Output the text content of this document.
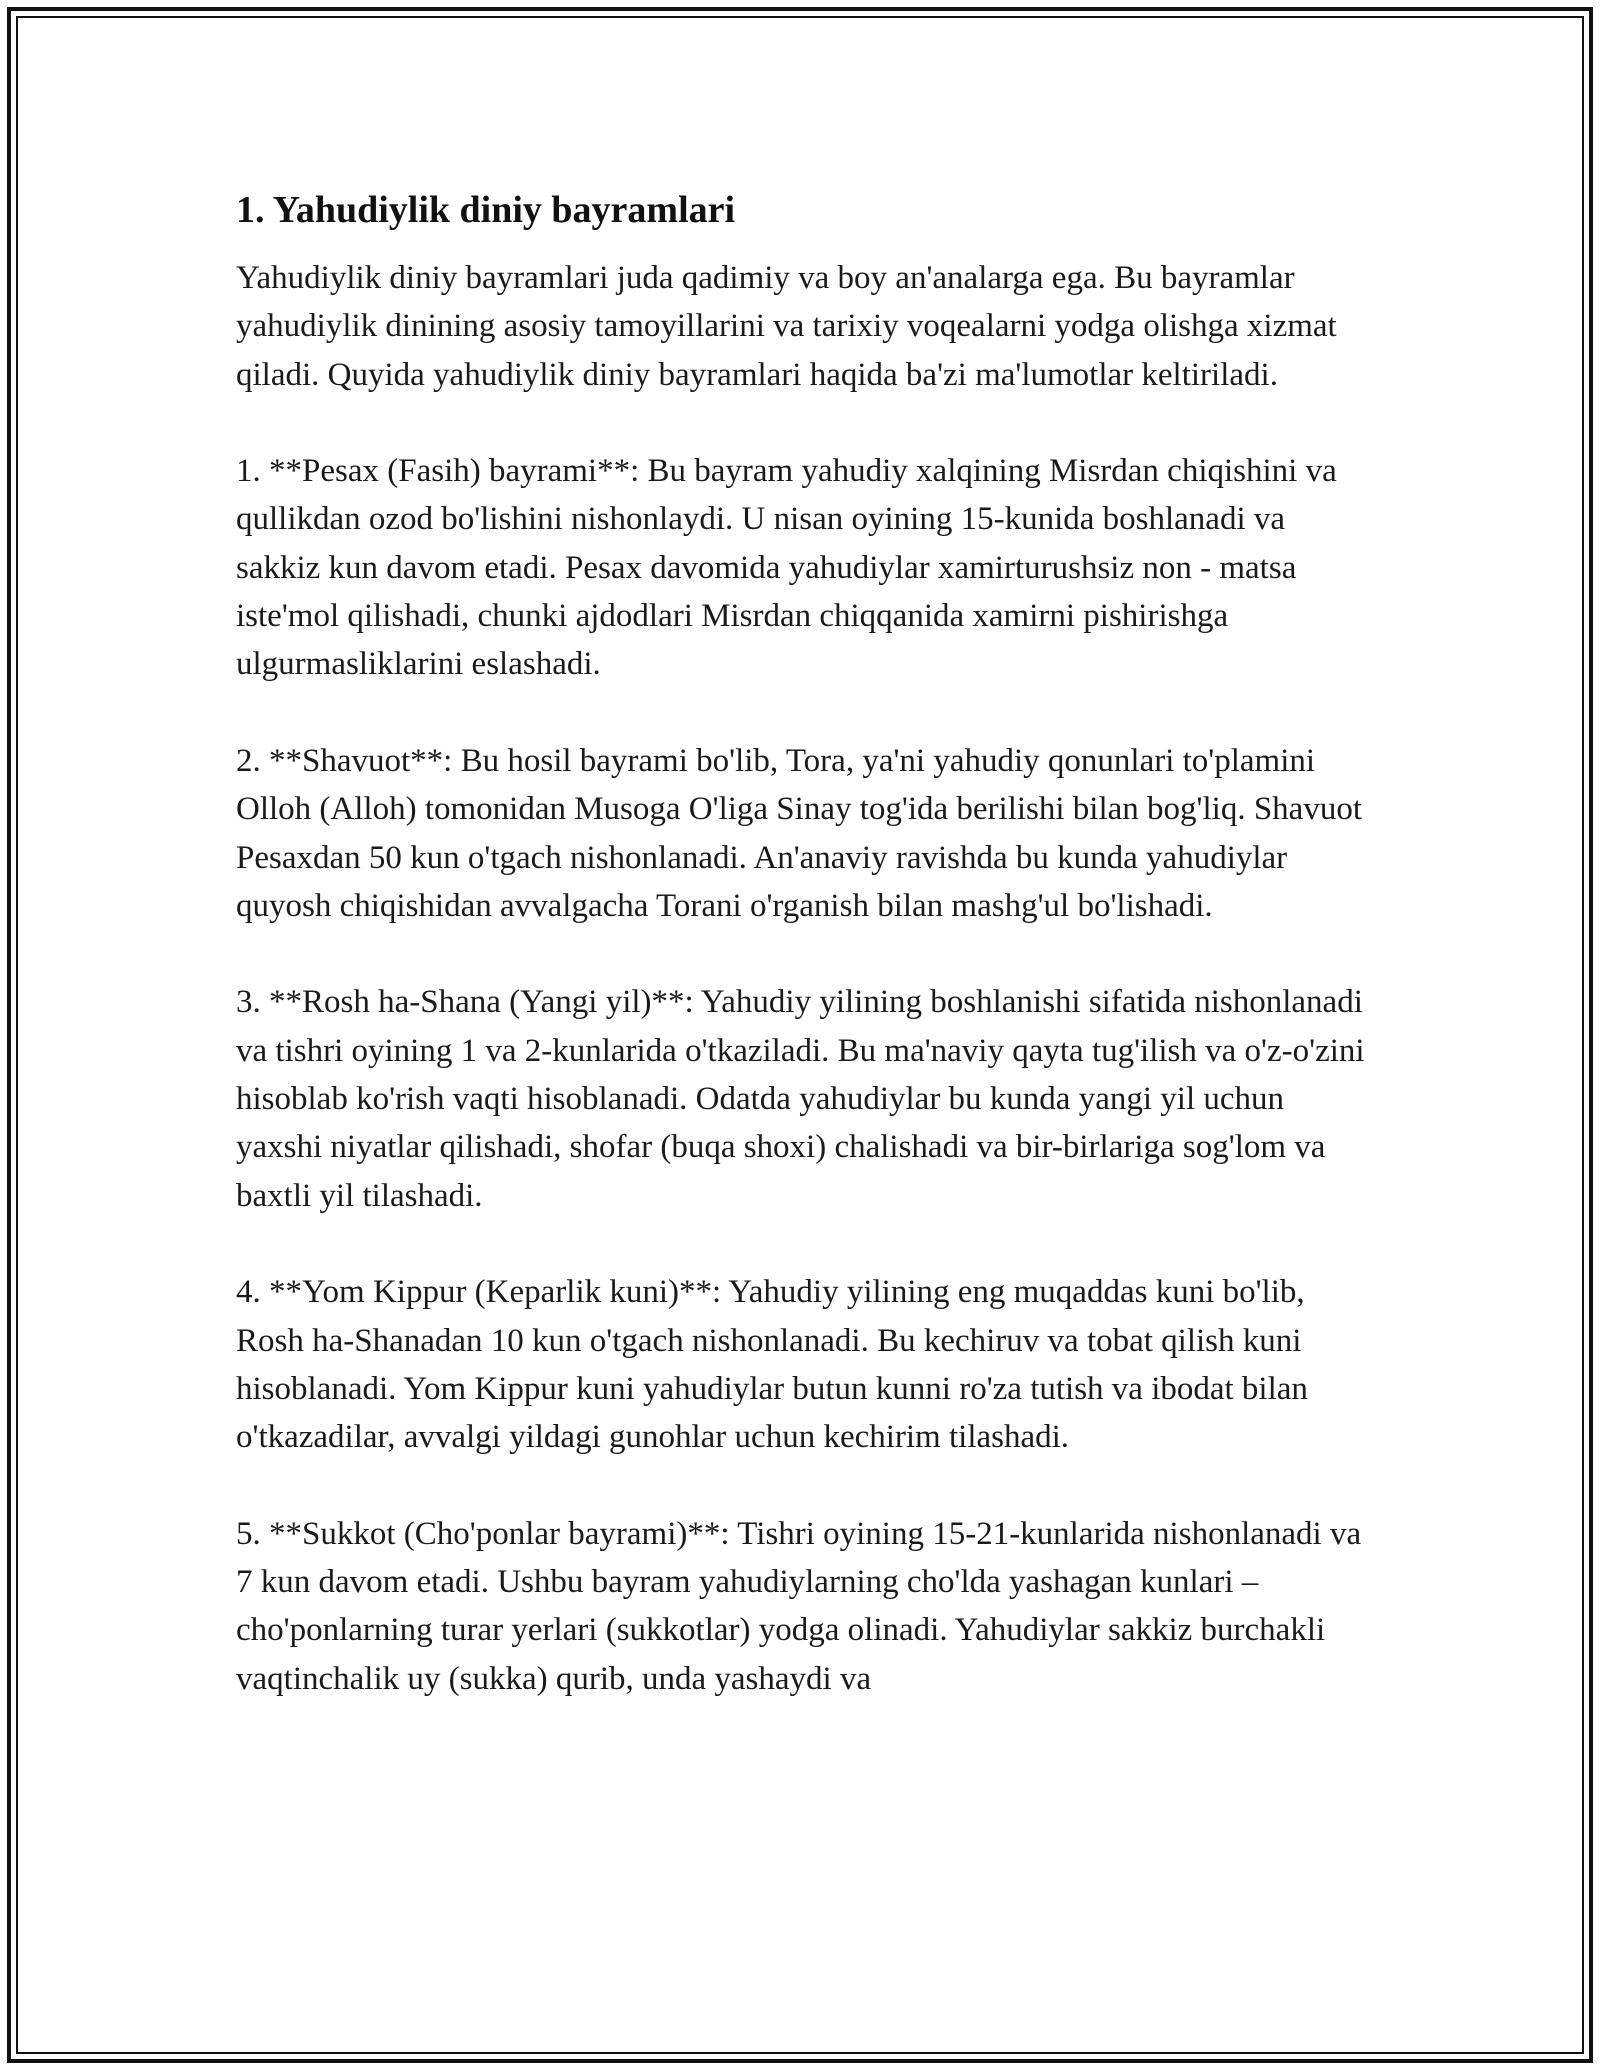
1. Yahudiylik diniy bayramlari

Yahudiylik diniy bayramlari juda qadimiy va boy an'analarga ega. Bu bayramlar yahudiylik dinining asosiy tamoyillarini va tarixiy voqealarni yodga olishga xizmat qiladi. Quyida yahudiylik diniy bayramlari haqida ba'zi ma'lumotlar keltiriladi.

1. **Pesax (Fasih) bayrami**: Bu bayram yahudiy xalqining Misrdan chiqishini va qullikdan ozod bo'lishini nishonlaydi. U nisan oyining 15-kunida boshlanadi va sakkiz kun davom etadi. Pesax davomida yahudiylar xamirturushsiz non - matsa iste'mol qilishadi, chunki ajdodlari Misrdan chiqqanida xamirni pishirishga ulgurmasliklarini eslashadi.

2. **Shavuot**: Bu hosil bayrami bo'lib, Tora, ya'ni yahudiy qonunlari to'plamini Olloh (Alloh) tomonidan Musoga O'liga Sinay tog'ida berilishi bilan bog'liq. Shavuot Pesaxdan 50 kun o'tgach nishonlanadi. An'anaviy ravishda bu kunda yahudiylar quyosh chiqishidan avvalgacha Torani o'rganish bilan mashg'ul bo'lishadi.

3. **Rosh ha-Shana (Yangi yil)**: Yahudiy yilining boshlanishi sifatida nishonlanadi va tishri oyining 1 va 2-kunlarida o'tkaziladi. Bu ma'naviy qayta tug'ilish va o'z-o'zini hisoblab ko'rish vaqti hisoblanadi. Odatda yahudiylar bu kunda yangi yil uchun yaxshi niyatlar qilishadi, shofar (buqa shoxi) chalishadi va bir-birlariga sog'lom va baxtli yil tilashadi.

4. **Yom Kippur (Keparlik kuni)**: Yahudiy yilining eng muqaddas kuni bo'lib, Rosh ha-Shanadan 10 kun o'tgach nishonlanadi. Bu kechiruv va tobat qilish kuni hisoblanadi. Yom Kippur kuni yahudiylar butun kunni ro'za tutish va ibodat bilan o'tkazadilar, avvalgi yildagi gunohlar uchun kechirim tilashadi.

5. **Sukkot (Cho'ponlar bayrami)**: Tishri oyining 15-21-kunlarida nishonlanadi va 7 kun davom etadi. Ushbu bayram yahudiylarning cho'lda yashagan kunlari – cho'ponlarning turar yerlari (sukkotlar) yodga olinadi. Yahudiylar sakkiz burchakli vaqtinchalik uy (sukka) qurib, unda yashaydi va
